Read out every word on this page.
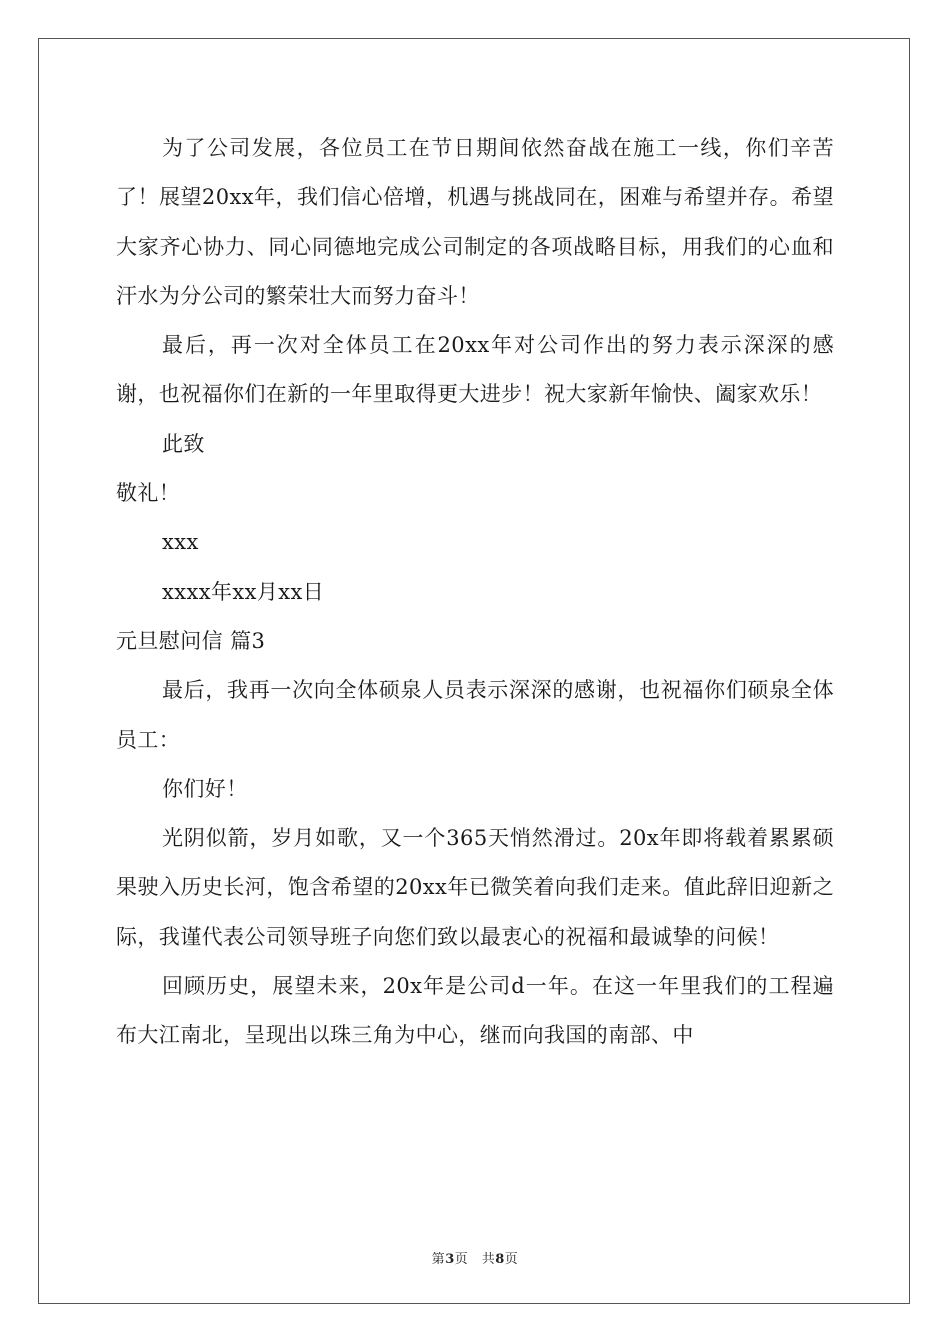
为了公司发展，各位员工在节日期间依然奋战在施工一线，你们辛苦了！展望20xx年，我们信心倍增，机遇与挑战同在，困难与希望并存。希望大家齐心协力、同心同德地完成公司制定的各项战略目标，用我们的心血和汗水为分公司的繁荣壮大而努力奋斗！

最后，再一次对全体员工在20xx年对公司作出的努力表示深深的感谢，也祝福你们在新的一年里取得更大进步！祝大家新年愉快、阖家欢乐！

此致

敬礼！

xxx

xxxx年xx月xx日

元旦慰问信 篇3

最后，我再一次向全体硕泉人员表示深深的感谢，也祝福你们硕泉全体员工：

你们好！

光阴似箭，岁月如歌，又一个365天悄然滑过。20x年即将载着累累硕果驶入历史长河，饱含希望的20xx年已微笑着向我们走来。值此辞旧迎新之际，我谨代表公司领导班子向您们致以最衷心的祝福和最诚挚的问候！

回顾历史，展望未来，20x年是公司d一年。在这一年里我们的工程遍布大江南北，呈现出以珠三角为中心，继而向我国的南部、中

第3页　共8页
